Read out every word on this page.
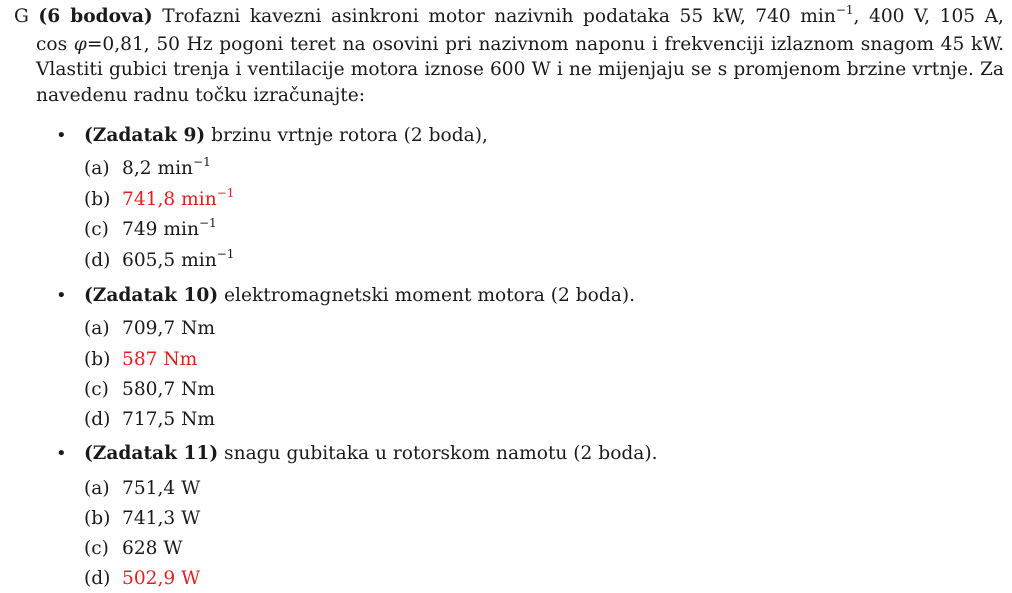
G (6 bodova) Trofazni kavezni asinkroni motor nazivnih podataka 55 kW, 740 $\min^{-1}$, 400 V, 105 A,
cos φ=0,81, 50 Hz pogoni teret na osovini pri nazivnom naponu i frekvenciji izlaznom snagom 45 kW.
Vlastiti gubici trenja i ventilacije motora iznose 600 W i ne mijenjaju se s promjenom brzine vrtnje. Za
navedenu radnu točku izračunajte:
• (Zadatak 9) brzinu vrtnje rotora (2 boda),
(a) 8,2 $\min^{-1}$
(b) 741,8 $\min^{-1}$
(c) 749 $\min^{-1}$
(d) 605,5 $\min^{-1}$
• (Zadatak 10) elektromagnetski moment motora (2 boda).
(a) 709,7 Nm
(b) 587 Nm
(c) 580,7 Nm
(d) 717,5 Nm
• (Zadatak 11) snagu gubitaka u rotorskom namotu (2 boda).
(a) 751,4 W
(b) 741,3 W
(c) 628 W
(d) 502,9 W
